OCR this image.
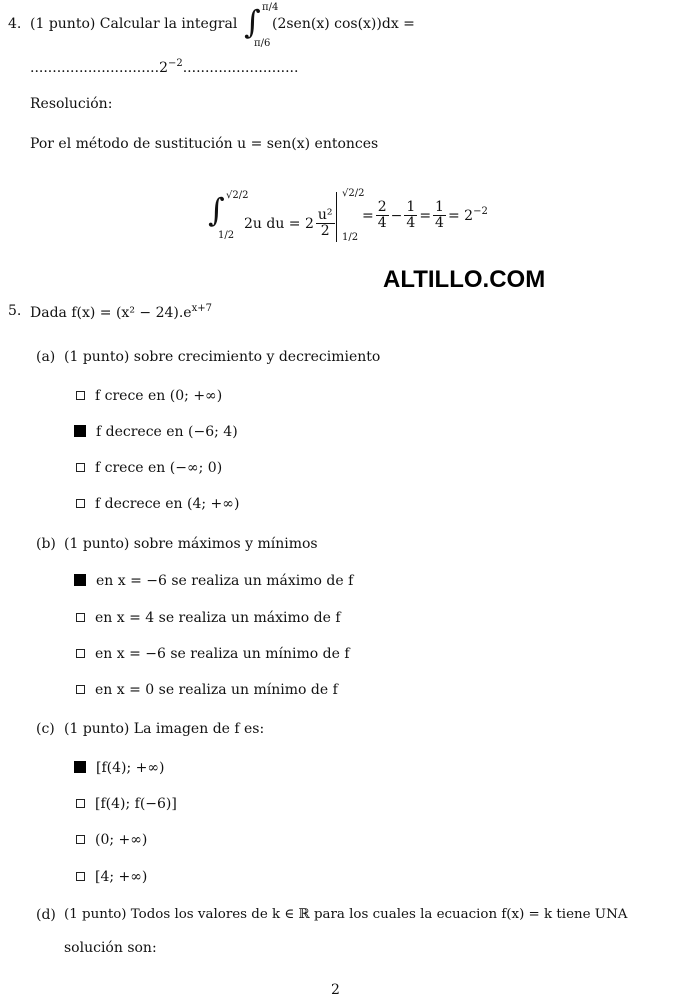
4. (1 punto) Calcular la integral ∫ π/4
π/6
(2sen(x) cos(x))dx =
$.............................2^{-2}$..........................
Resolución:
Por el método de sustitución u = sen(x) entonces
∫ √2/2
1/2
2u du = $2 \frac{\text{u²}}{2}$
√2/2
1/2
= $\frac{2}{4} - \frac{1}{4} = \frac{1}{4} = 2^{-2}$
ALTILLO.COM
5. Dada $f(x) = (x^2 - 24).e^{x+7}$
(a) (1 punto) sobre crecimiento y decrecimiento
f crece en (0; +∞)
f decrece en (−6; 4)
f crece en (−∞; 0)
f decrece en (4; +∞)
(b) (1 punto) sobre máximos y mínimos
en x = −6 se realiza un máximo de f
en x = 4 se realiza un máximo de f
en x = −6 se realiza un mínimo de f
en x = 0 se realiza un mínimo de f
(c) (1 punto) La imagen de f es:
[f(4); +∞)
[f(4); f(−6)]
(0; +∞)
[4; +∞)
(d) (1 punto) Todos los valores de k ∈ ℝ para los cuales la ecuacion f(x) = k tiene UNA
solución son:
2
